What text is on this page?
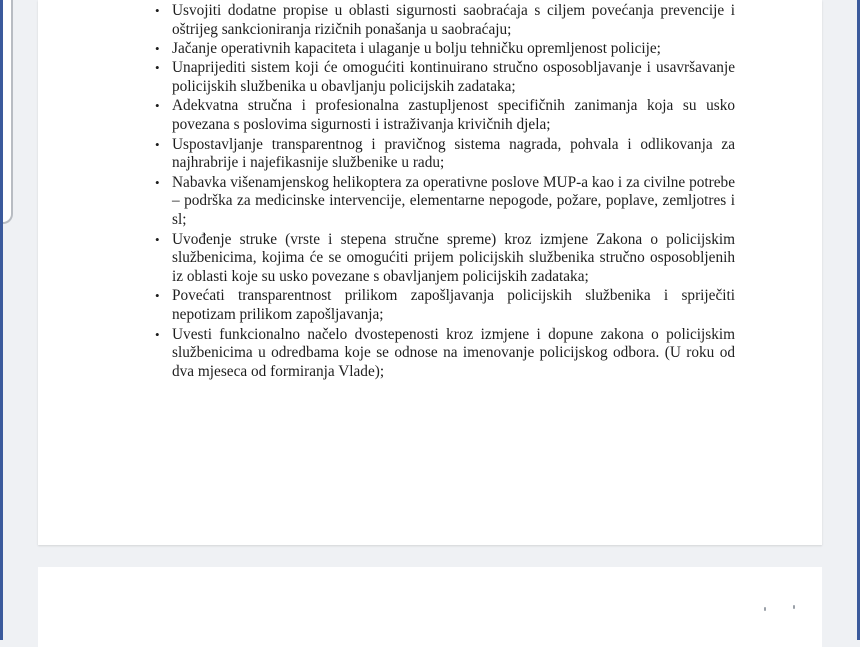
• Usvojiti dodatne propise u oblasti sigurnosti saobraćaja s ciljem povećanja prevencije i oštrijeg sankcioniranja rizičnih ponašanja u saobraćaju;
• Jačanje operativnih kapaciteta i ulaganje u bolju tehničku opremljenost policije;
• Unaprijediti sistem koji će omogućiti kontinuirano stručno osposobljavanje i usavršavanje policijskih službenika u obavljanju policijskih zadataka;
• Adekvatna stručna i profesionalna zastupljenost specifičnih zanimanja koja su usko povezana s poslovima sigurnosti i istraživanja krivičnih djela;
• Uspostavljanje transparentnog i pravičnog sistema nagrada, pohvala i odlikovanja za najhrabrije i najefikasnije službenike u radu;
• Nabavka višenamjenskog helikoptera za operativne poslove MUP-a kao i za civilne potrebe – podrška za medicinske intervencije, elementarne nepogode, požare, poplave, zemljotres i sl;
• Uvođenje struke (vrste i stepena stručne spreme) kroz izmjene Zakona o policijskim službenicima, kojima će se omogućiti prijem policijskih službenika stručno osposobljenih iz oblasti koje su usko povezane s obavljanjem policijskih zadataka;
• Povećati transparentnost prilikom zapošljavanja policijskih službenika i spriječiti nepotizam prilikom zapošljavanja;
• Uvesti funkcionalno načelo dvostepenosti kroz izmjene i dopune zakona o policijskim službenicima u odredbama koje se odnose na imenovanje policijskog odbora. (U roku od dva mjeseca od formiranja Vlade);
